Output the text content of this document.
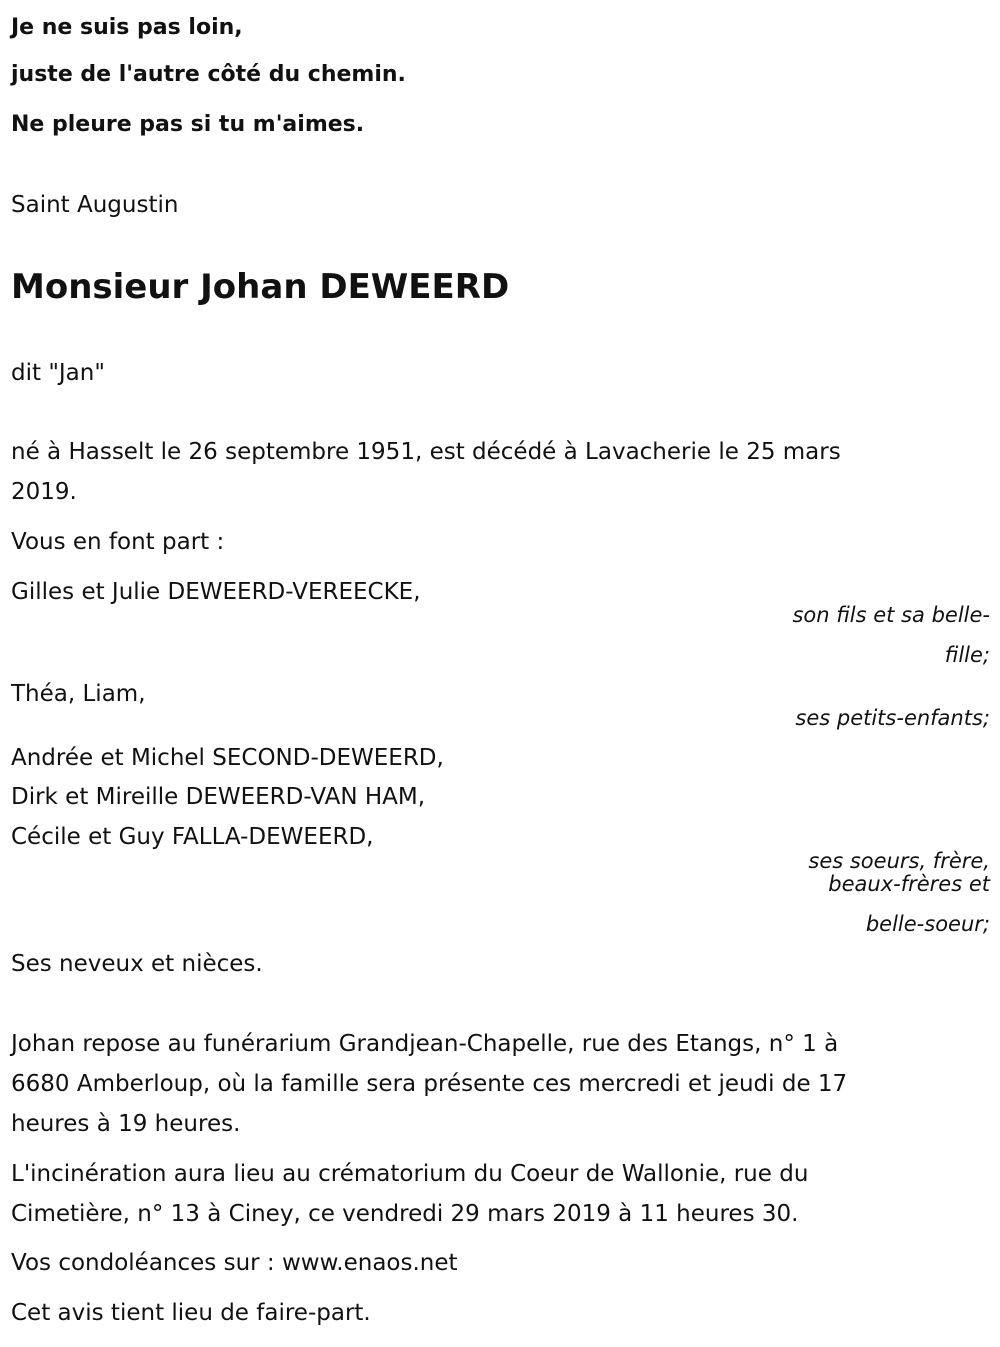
Je ne suis pas loin,
juste de l'autre côté du chemin.
Ne pleure pas si tu m'aimes.
Saint Augustin
Monsieur Johan DEWEERD
dit "Jan"
né à Hasselt le 26 septembre 1951, est décédé à Lavacherie le 25 mars
2019.
Vous en font part :
Gilles et Julie DEWEERD-VEREECKE,
son fils et sa belle-
fille;
Théa, Liam,
ses petits-enfants;
Andrée et Michel SECOND-DEWEERD,
Dirk et Mireille DEWEERD-VAN HAM,
Cécile et Guy FALLA-DEWEERD,
ses soeurs, frère,
beaux-frères et
belle-soeur;
Ses neveux et nièces.
Johan repose au funérarium Grandjean-Chapelle, rue des Etangs, n° 1 à
6680 Amberloup, où la famille sera présente ces mercredi et jeudi de 17
heures à 19 heures.
L'incinération aura lieu au crématorium du Coeur de Wallonie, rue du
Cimetière, n° 13 à Ciney, ce vendredi 29 mars 2019 à 11 heures 30.
Vos condoléances sur : www.enaos.net
Cet avis tient lieu de faire-part.
